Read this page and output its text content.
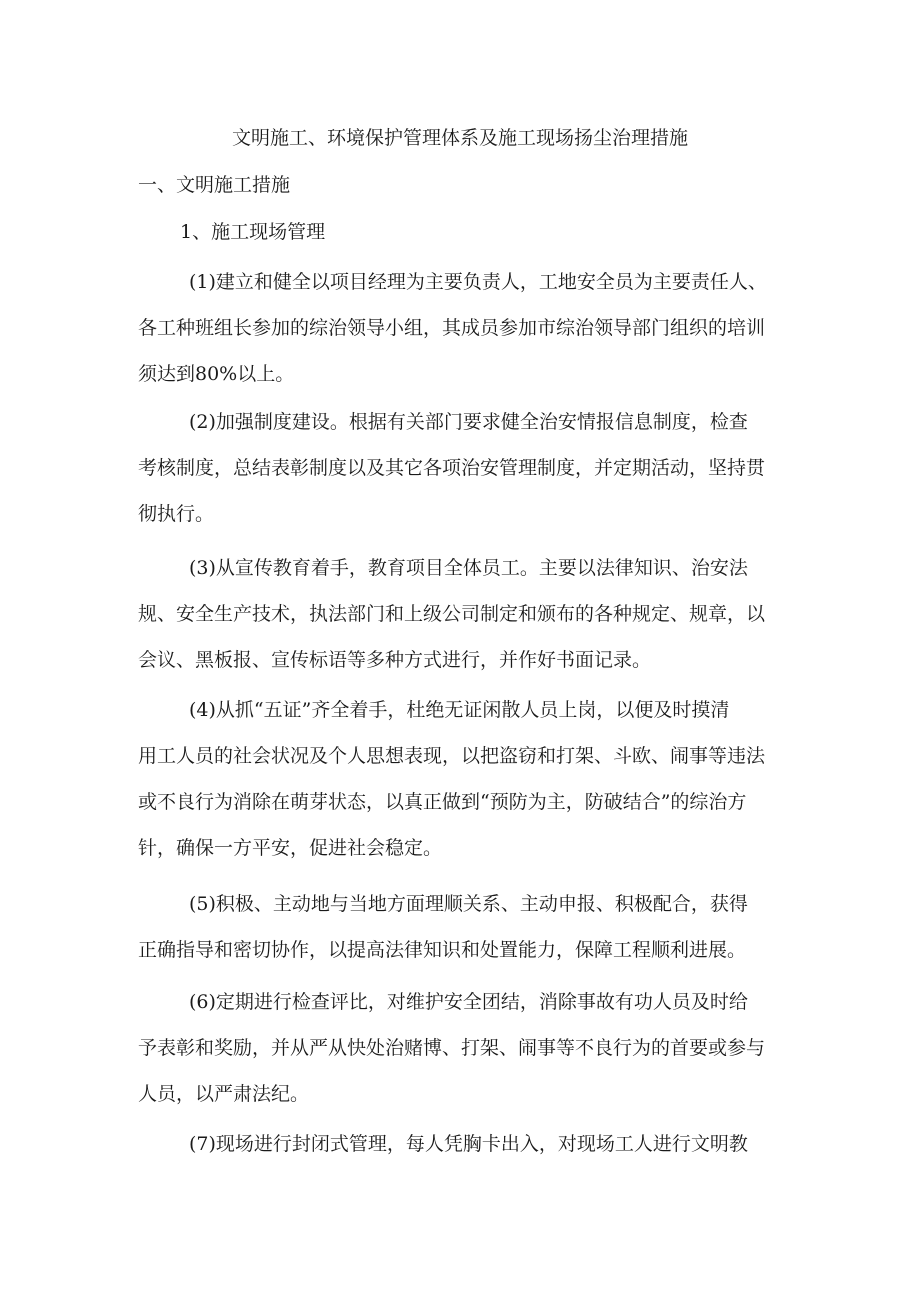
文明施工、环境保护管理体系及施工现场扬尘治理措施
一、文明施工措施
1、施工现场管理

(1)建立和健全以项目经理为主要负责人，工地安全员为主要责任人、
各工种班组长参加的综治领导小组，其成员参加市综治领导部门组织的培训
须达到80%以上。

(2)加强制度建设。根据有关部门要求健全治安情报信息制度，检查
考核制度，总结表彰制度以及其它各项治安管理制度，并定期活动，坚持贯
彻执行。

(3)从宣传教育着手，教育项目全体员工。主要以法律知识、治安法
规、安全生产技术，执法部门和上级公司制定和颁布的各种规定、规章，以
会议、黑板报、宣传标语等多种方式进行，并作好书面记录。

(4)从抓“五证”齐全着手，杜绝无证闲散人员上岗，以便及时摸清
用工人员的社会状况及个人思想表现，以把盗窃和打架、斗欧、闹事等违法
或不良行为消除在萌芽状态，以真正做到“预防为主，防破结合”的综治方
针，确保一方平安，促进社会稳定。

(5)积极、主动地与当地方面理顺关系、主动申报、积极配合，获得
正确指导和密切协作，以提高法律知识和处置能力，保障工程顺利进展。

(6)定期进行检查评比，对维护安全团结，消除事故有功人员及时给
予表彰和奖励，并从严从快处治赌博、打架、闹事等不良行为的首要或参与
人员，以严肃法纪。

(7)现场进行封闭式管理，每人凭胸卡出入，对现场工人进行文明教
